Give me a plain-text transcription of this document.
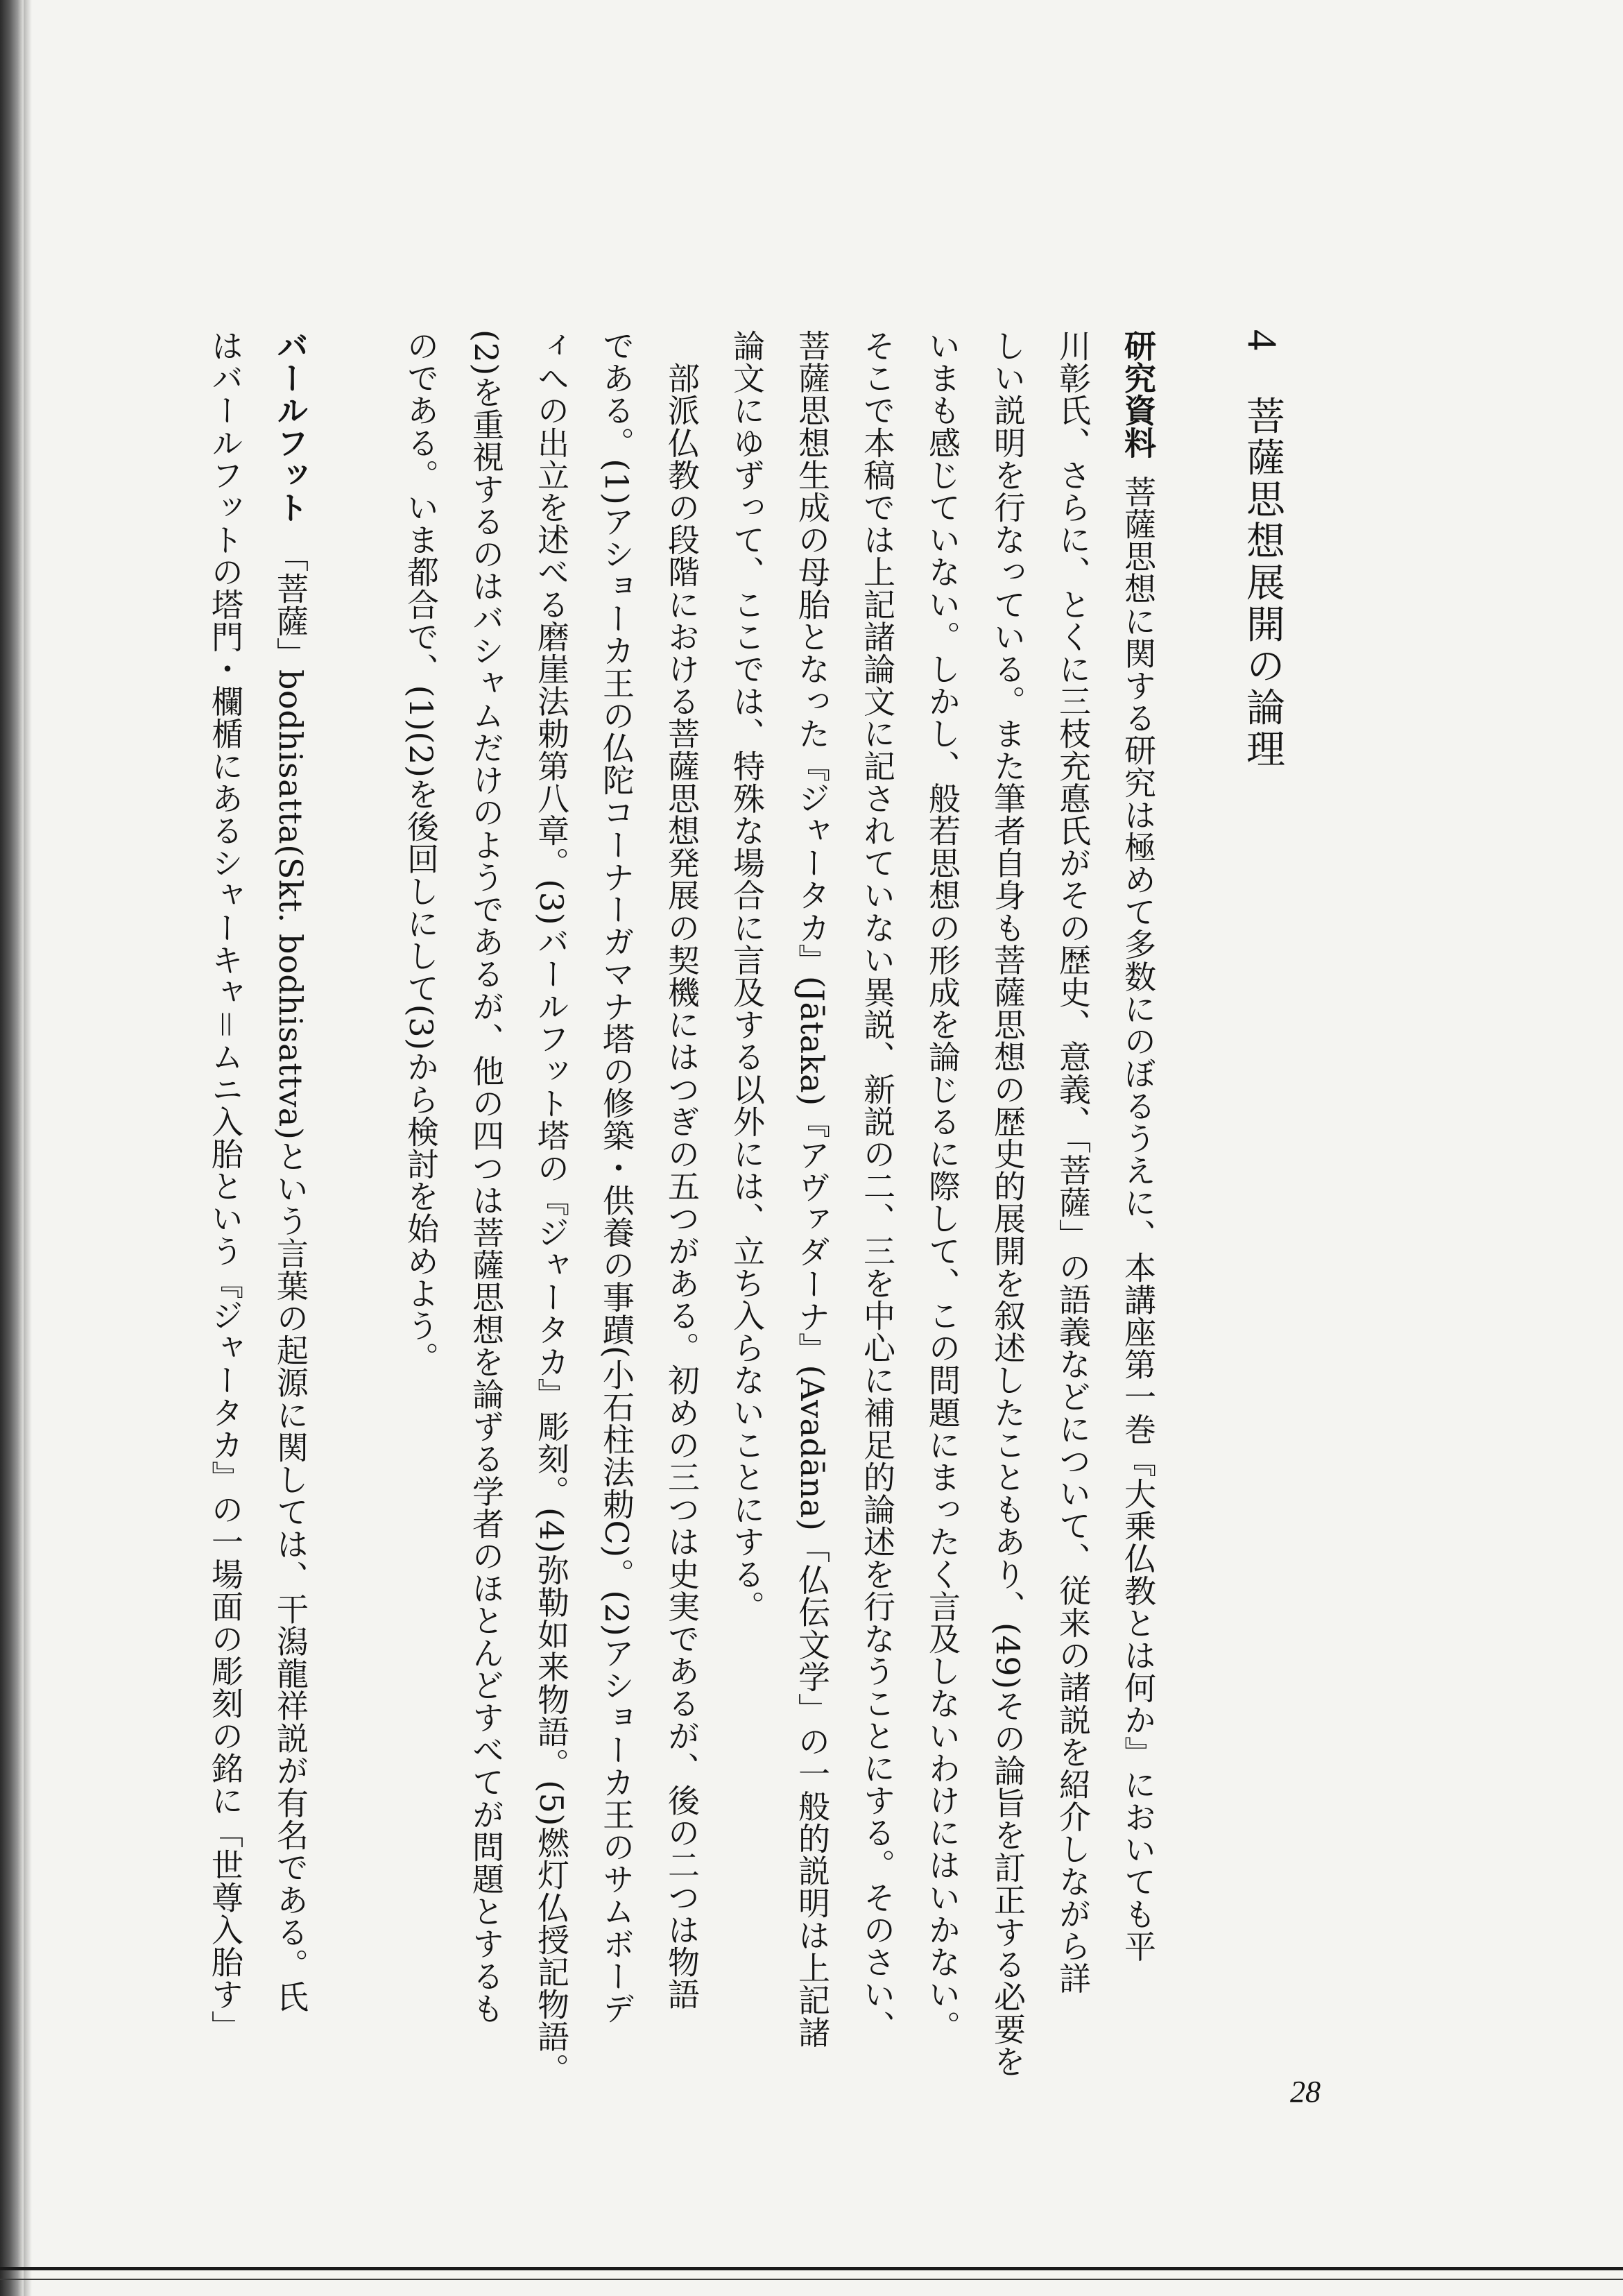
4 菩薩思想展開の論理
研究資料菩薩思想に関する研究は極めて多数にのぼるうえに、本講座第一巻『大乗仏教とは何か』においても平
川彰氏、さらに、とくに三枝充悳氏がその歴史、意義、「菩薩」の語義などについて、従来の諸説を紹介しながら詳
しい説明を行なっている。また筆者自身も菩薩思想の歴史的展開を叙述したこともあり、(49)その論旨を訂正する必要を
いまも感じていない。しかし、般若思想の形成を論じるに際して、この問題にまったく言及しないわけにはいかない。
そこで本稿では上記諸論文に記されていない異説、新説の二、三を中心に補足的論述を行なうことにする。そのさい、
菩薩思想生成の母胎となった『ジャータカ』(Jātaka)『アヴァダーナ』(Avadāna)「仏伝文学」の一般的説明は上記諸
論文にゆずって、ここでは、特殊な場合に言及する以外には、立ち入らないことにする。
　部派仏教の段階における菩薩思想発展の契機にはつぎの五つがある。初めの三つは史実であるが、後の二つは物語
である。(1)アショーカ王の仏陀コーナーガマナ塔の修築・供養の事蹟(小石柱法勅C)。(2)アショーカ王のサムボーデ
ィへの出立を述べる磨崖法勅第八章。(3)バールフット塔の『ジャータカ』彫刻。(4)弥勒如来物語。(5)燃灯仏授記物語。
(2)を重視するのはバシャムだけのようであるが、他の四つは菩薩思想を論ずる学者のほとんどすべてが問題とするも
のである。いま都合で、(1)(2)を後回しにして(3)から検討を始めよう。
バールフット「菩薩」bodhisatta(Skt. bodhisattva)という言葉の起源に関しては、干潟龍祥説が有名である。氏
はバールフットの塔門・欄楯にあるシャーキャ＝ムニ入胎という『ジャータカ』の一場面の彫刻の銘に「世尊入胎す」
28
